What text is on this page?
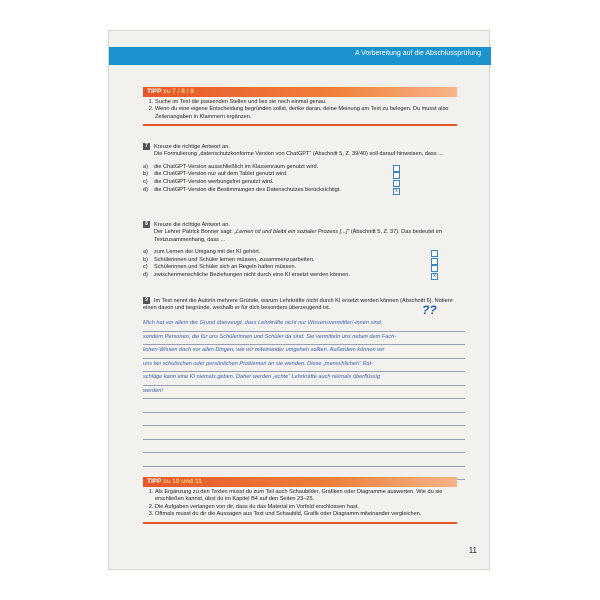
A Vorbereitung auf die Abschlussprüfung
TIPP zu 7 / 8 / 9
1. Suche im Text die passenden Stellen und lies sie noch einmal genau.
2. Wenn du eine eigene Entscheidung begründen sollst, denke daran, deine Meinung am Text zu belegen. Du musst also Zeilenangaben in Klammern ergänzen.
7 Kreuze die richtige Antwort an.
Die Formulierung „datenschutzkonforme Version von ChatGPT“ (Abschnitt 5, Z. 39/40) soll darauf hinweisen, dass ...
a) die ChatGPT-Version ausschließlich im Klassenraum genutzt wird.
b) die ChatGPT-Version nur auf dem Tablet genutzt wird.
c) die ChatGPT-Version werbungsfrei genutzt wird.
d) die ChatGPT-Version die Bestimmungen des Datenschutzes berücksichtigt.	x
8 Kreuze die richtige Antwort an.
Der Lehrer Patrick Bonner sagt: „Lernen ist und bleibt ein sozialer Prozess [...]“ (Abschnitt 5, Z. 37). Das bedeutet im Textzusammenhang, dass ...
a) zum Lernen der Umgang mit der KI gehört.
b) Schülerinnen und Schüler lernen müssen, zusammenzuarbeiten.
c) Schülerinnen und Schüler sich an Regeln halten müssen.
d) zwischenmenschliche Beziehungen nicht durch eine KI ersetzt werden können.	x
??
9 Im Text nennt die Autorin mehrere Gründe, warum Lehrkräfte nicht durch KI ersetzt werden können (Abschnitt 6). Notiere einen davon und begründe, weshalb er für dich besonders überzeugend ist.
Mich hat vor allem der Grund überzeugt, dass Lehrkräfte nicht nur Wissensvermittler/-innen sind,
sondern Personen, die für uns Schülerinnen und Schüler da sind. Sie vermitteln uns neben dem Fach-
lichen Wissen doch vor allen Dingen, wie wir miteinander umgehen sollten. Außerdem können wir
uns bei schulischen oder persönlichen Problemen an sie wenden. Diese „menschlichen“ Rat-
schläge kann eine KI niemals geben. Daher werden „echte“ Lehrkräfte auch niemals überflüssig
werden!
TIPP zu 10 und 11
1. Als Ergänzung zu den Texten musst du zum Teil auch Schaubilder, Grafiken oder Diagramme auswerten. Wie du sie erschließen kannst, übst du im Kapitel B4 auf den Seiten 23–25.
2. Die Aufgaben verlangen von dir, dass du das Material im Vorfeld erschlossen hast.
3. Oftmals musst du dir die Aussagen aus Text und Schaubild, Grafik oder Diagramm miteinander vergleichen.
11
